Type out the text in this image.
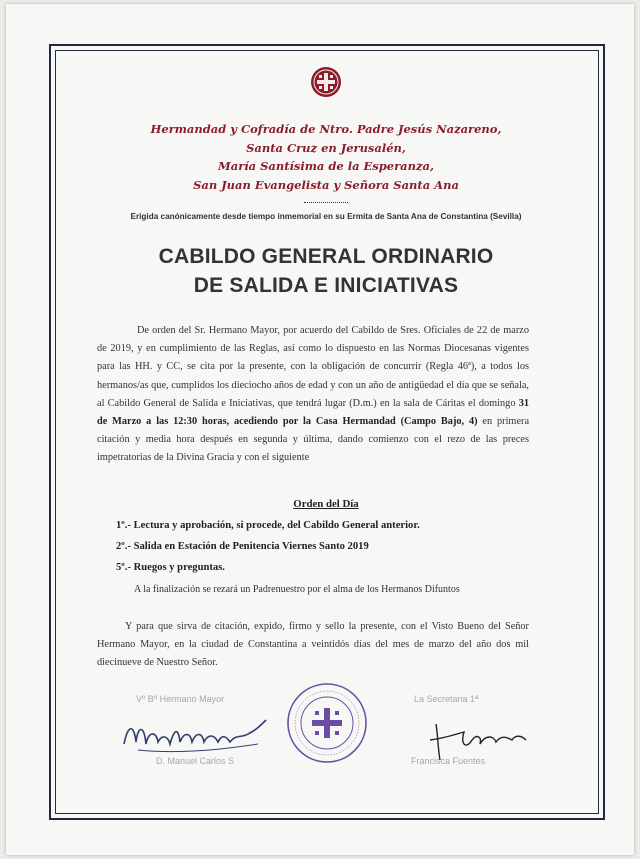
Hermandad y Cofradía de Ntro. Padre Jesús Nazareno,
Santa Cruz en Jerusalén,
María Santísima de la Esperanza,
San Juan Evangelista y Señora Santa Ana
Erigida canónicamente desde tiempo inmemorial en su Ermita de Santa Ana de Constantina (Sevilla)
CABILDO GENERAL ORDINARIO
DE SALIDA E INICIATIVAS
De orden del Sr. Hermano Mayor, por acuerdo del Cabildo de Sres. Oficiales de 22 de marzo de 2019, y en cumplimiento de las Reglas, así como lo dispuesto en las Normas Diocesanas vigentes para las HH. y CC, se cita por la presente, con la obligación de concurrir (Regla 46ª), a todos los hermanos/as que, cumplidos los dieciocho años de edad y con un año de antigüedad el día que se señala, al Cabildo General de Salida e Iniciativas, que tendrá lugar (D.m.) en la sala de Cáritas el domingo 31 de Marzo a las 12:30 horas, acediendo por la Casa Hermandad (Campo Bajo, 4) en primera citación y media hora después en segunda y última, dando comienzo con el rezo de las preces impetratorias de la Divina Gracia y con el siguiente
Orden del Día
1º.- Lectura y aprobación, si procede, del Cabildo General anterior.
2º.- Salida en Estación de Penitencia Viernes Santo 2019
5º.- Ruegos y preguntas.
A la finalización se rezará un Padrenuestro por el alma de los Hermanos Difuntos
Y para que sirva de citación, expido, firmo y sello la presente, con el Visto Bueno del Señor Hermano Mayor, en la ciudad de Constantina a veintidós días del mes de marzo del año dos mil diecinueve de Nuestro Señor.
Vº Bº Hermano Mayor
D. Manuel Carlos S
La Secretaria 1ª
Francisca Fuentes
